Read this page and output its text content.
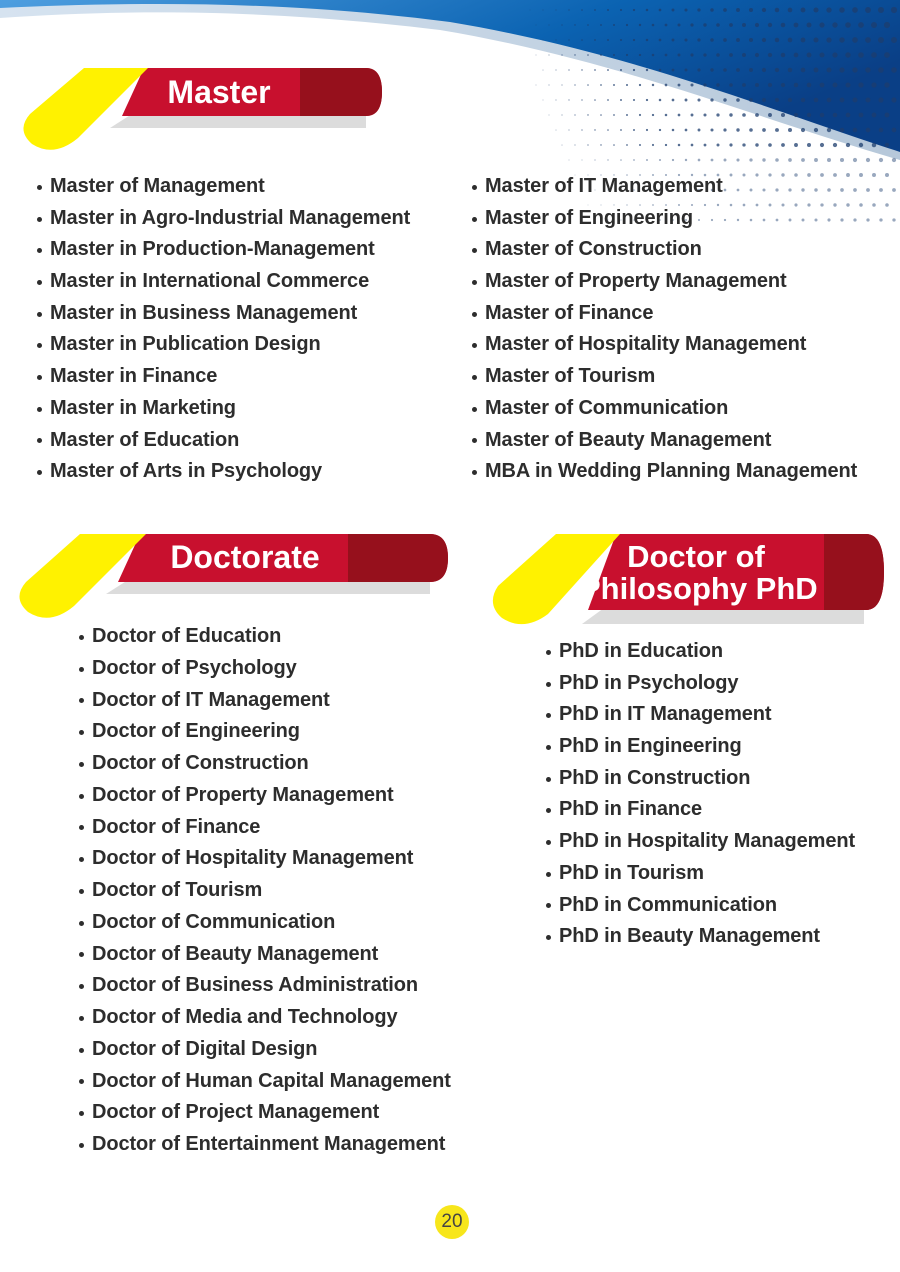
Master
Master of Management
Master in Agro-Industrial Management
Master in Production-Management
Master in International Commerce
Master in Business Management
Master in Publication Design
Master in Finance
Master in Marketing
Master of Education
Master of Arts in Psychology
Master of IT Management
Master of Engineering
Master of Construction
Master of Property Management
Master of Finance
Master of Hospitality Management
Master of Tourism
Master of Communication
Master of Beauty Management
MBA in Wedding Planning Management
Doctorate
Doctor of Education
Doctor of Psychology
Doctor of IT Management
Doctor of Engineering
Doctor of Construction
Doctor of Property Management
Doctor of Finance
Doctor of Hospitality Management
Doctor of Tourism
Doctor of Communication
Doctor of Beauty Management
Doctor of Business Administration
Doctor of Media and Technology
Doctor of Digital Design
Doctor of Human Capital Management
Doctor of Project Management
Doctor of Entertainment Management
Doctor of
Philosophy PhD
PhD in Education
PhD in Psychology
PhD in IT Management
PhD in Engineering
PhD in Construction
PhD in Finance
PhD in Hospitality Management
PhD in Tourism
PhD in Communication
PhD in Beauty Management
20
